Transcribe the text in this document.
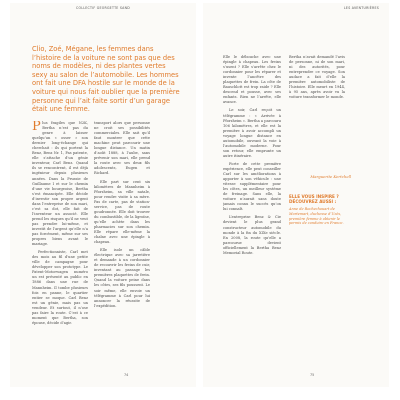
COLLECTIF GEORGETTE SAND
Clio, Zoé, Mégane, les femmes dans l’histoire de la voiture ne sont pas que des noms de modèles, ni des plantes vertes sexy au salon de l’automobile. Les hommes ont fait une DFA hostile sur le monde de la voiture qui nous fait oublier que la première personne qui l’ait faite sortir d’un garage était une femme.

Plus fragiles que N2K, Bertha n’est pas du genre à laisser quelqu’un « osser » son dernier long-échange qui cherchait : ils qui portent la Benz, Benz Nr. 1, Pas patente, elle s’attache d’un génie inventeur, Carl Benz. Quand ils se rencontrent, il est déjà ingénieur depuis plusieurs années. Dans la Prussie de Guillaume I et sur le chemin d’une vie bourgeoise, Bertha s’est émancipée. Elle décide d’investir son propre argent dans l’entreprise de son mari, c’est sa dot, elle fait de l’inventeur un associé. Elle prend les risques qu’il ne veut pas prendre lui-même, et investit de l’argent qu’elle n’a pas forcément, même sur ses propres biens avant le mariage.

Perfectionniste, Carl met des mois au fil d’une petite ville de campagne pour développer son prototype. Le Patent-Motorwagen numéro un est présenté au public en 1886 dans une rue de Mannheim. Il tombe plusieurs fois en panne, le quartier entier se moque. Carl Benz est un génie, mais pas un vendeur. Et surtout, il n’ose pas faire la route. C’est à ce moment que Bertha, son épouse, décide d’agir.

transport alors que personne ne croit ses possibilités commerciales. Elle sait qu’il faut montrer que cette machine peut parcourir une longue distance. Un matin d’août 1888, à l’aube, sans prévenir son mari, elle prend la route avec ses deux fils adolescents, Eugen et Richard.

Elle part sur cent six kilomètres de Mannheim à Pforzheim, sa ville natale, pour rendre visite à sa mère. Pas de carte, pas de station-service, pas de route goudronnée. Elle doit trouver du combustible, de la ligroïne, qu’elle achète dans les pharmacies sur son chemin. Elle répare elle-même la chaîne avec une épingle à chapeau.

Elle isole un câble électrique avec sa jarretière et demande à un cordonnier de recouvrir les freins de cuir, inventant au passage les premières plaquettes de frein. Quand la voiture peine dans les côtes, ses fils poussent. Le soir même, elle envoie un télégramme à Carl pour lui annoncer la réussite de l’expédition.

74
LES AVENTURIÈRES

Elle le débouche avec une épingle à chapeau. Les freins s’usent ? Elle s’arrête chez le cordonnier pour les réparer et invente l’ancêtre des plaquettes de frein. La côte de Bauschlott est trop raide ? Elle descend et pousse, avec ses enfants. Rien ne l’arrête, elle avance.

Le soir, Carl reçoit un télégramme : « Arrivée à Pforzheim ». Bertha a parcouru 106 kilomètres, et elle est la première à avoir accompli un voyage longue distance en automobile, ouvrant la voie à l’automobile moderne. Pour son retour, elle emprunte un autre itinéraire.

Forte de cette première expérience, elle peut conseiller Carl sur les améliorations à apporter à son véhicule : une vitesse supplémentaire pour les côtes, un meilleur système de freinage. Sans elle, la voiture n’aurait sans doute jamais connu le succès qu’on lui connaît.

L’entreprise Benz & Cie devient le plus grand constructeur automobile du monde à la fin du XIXe siècle. En 2008, la route qu’elle a parcourue devient officiellement la Bertha Benz Memorial Route.

Bertha n’avait demandé l’avis de personne, ni de son mari, ni des autorités, pour entreprendre ce voyage. Son audace a fait d’elle la première automobiliste de l’histoire. Elle meurt en 1944, à 95 ans, après avoir vu la voiture transformer le monde.

Marguerite Kertchell
ELLE VOUS INSPIRE ? DÉCOUVREZ AUSSI :
Anne de Rochechouart de Mortemart, duchesse d’Uzès, première femme à obtenir le permis de conduire en France.
75
